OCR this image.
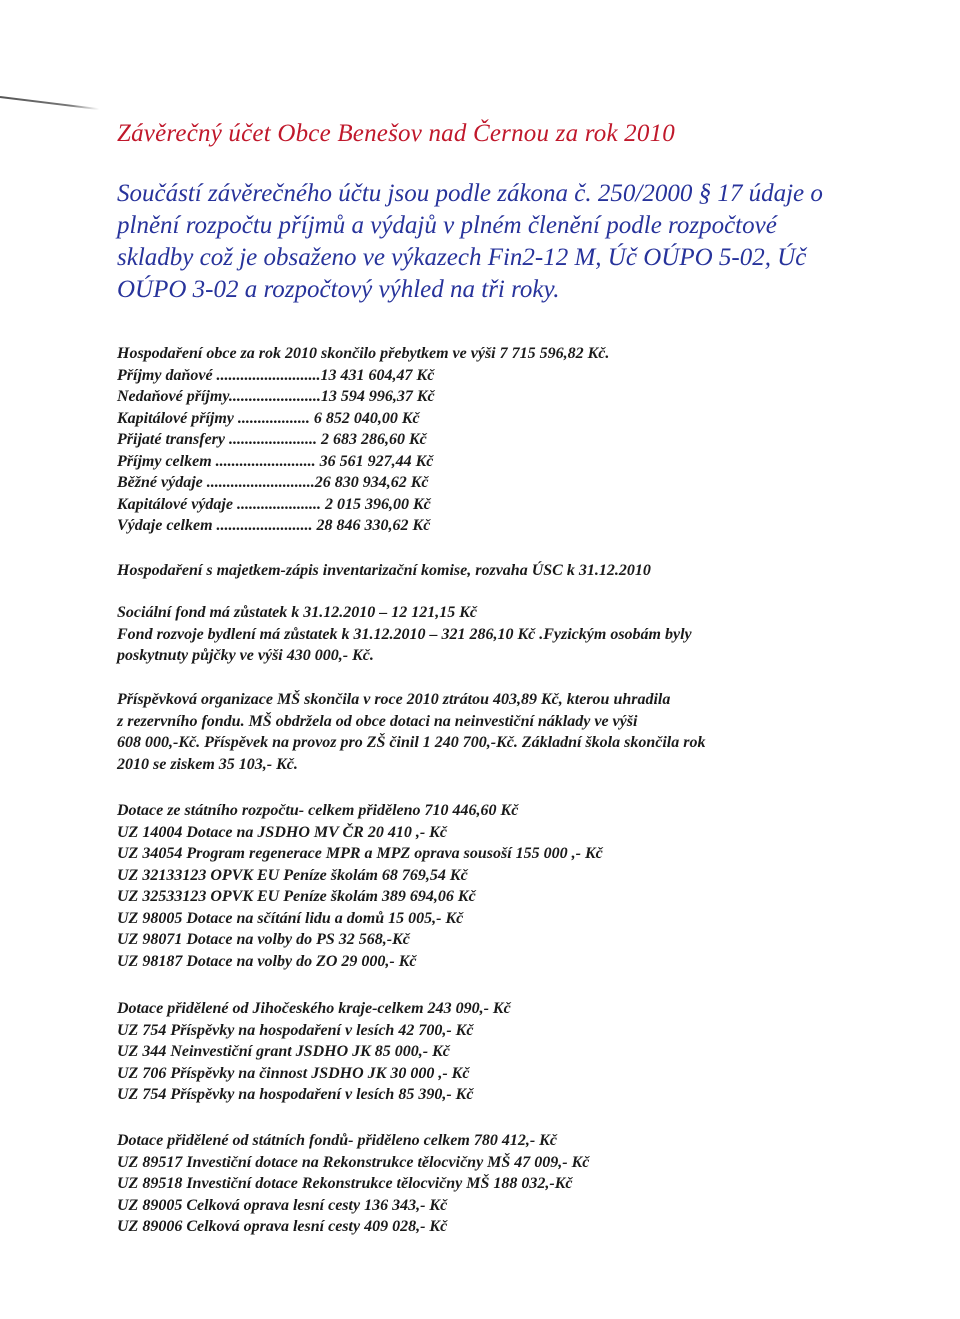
Závěrečný účet Obce Benešov nad Černou za rok 2010

Součástí závěrečného účtu jsou podle zákona č. 250/2000 § 17 údaje o plnění rozpočtu příjmů a výdajů v plném členění podle rozpočtové skladby což je obsaženo ve výkazech Fin2-12 M, Úč OÚPO 5-02, Úč OÚPO 3-02 a rozpočtový výhled na tři roky.

Hospodaření obce za rok 2010 skončilo přebytkem ve výši 7 715 596,82 Kč.
Příjmy daňové ..........................13 431 604,47 Kč
Nedaňové příjmy.......................13 594 996,37 Kč
Kapitálové příjmy .................. 6 852 040,00 Kč
Přijaté transfery ...................... 2 683 286,60 Kč
Příjmy celkem ......................... 36 561 927,44 Kč
Běžné výdaje ...........................26 830 934,62 Kč
Kapitálové výdaje ..................... 2 015 396,00 Kč
Výdaje celkem ........................ 28 846 330,62 Kč
Hospodaření s majetkem-zápis inventarizační komise, rozvaha ÚSC k 31.12.2010
Sociální fond má zůstatek k 31.12.2010 – 12 121,15 Kč
Fond rozvoje bydlení má zůstatek k 31.12.2010 – 321 286,10 Kč .Fyzickým osobám byly
poskytnuty půjčky ve výši 430 000,- Kč.
Příspěvková organizace MŠ skončila v roce 2010 ztrátou 403,89 Kč, kterou uhradila
z rezervního fondu. MŠ obdržela od obce dotaci na neinvestiční náklady ve výši
608 000,-Kč. Příspěvek na provoz pro ZŠ činil 1 240 700,-Kč. Základní škola skončila rok
2010 se ziskem 35 103,- Kč.
Dotace ze státního rozpočtu- celkem přiděleno 710 446,60 Kč
UZ 14004 Dotace na JSDHO MV ČR 20 410 ,- Kč
UZ 34054 Program regenerace MPR a MPZ oprava sousoší 155 000 ,- Kč
UZ 32133123 OPVK EU Peníze školám 68 769,54 Kč
UZ 32533123 OPVK EU Peníze školám 389 694,06 Kč
UZ 98005 Dotace na sčítání lidu a domů 15 005,- Kč
UZ 98071 Dotace na volby do PS 32 568,-Kč
UZ 98187 Dotace na volby do ZO 29 000,- Kč
Dotace přidělené od Jihočeského kraje-celkem 243 090,- Kč
UZ 754 Příspěvky na hospodaření v lesích 42 700,- Kč
UZ 344 Neinvestiční grant JSDHO JK 85 000,- Kč
UZ 706 Příspěvky na činnost JSDHO JK 30 000 ,- Kč
UZ 754 Příspěvky na hospodaření v lesích 85 390,- Kč
Dotace přidělené od státních fondů- přiděleno celkem 780 412,- Kč
UZ 89517 Investiční dotace na Rekonstrukce tělocvičny MŠ 47 009,- Kč
UZ 89518 Investiční dotace Rekonstrukce tělocvičny MŠ 188 032,-Kč
UZ 89005 Celková oprava lesní cesty 136 343,- Kč
UZ 89006 Celková oprava lesní cesty 409 028,- Kč
